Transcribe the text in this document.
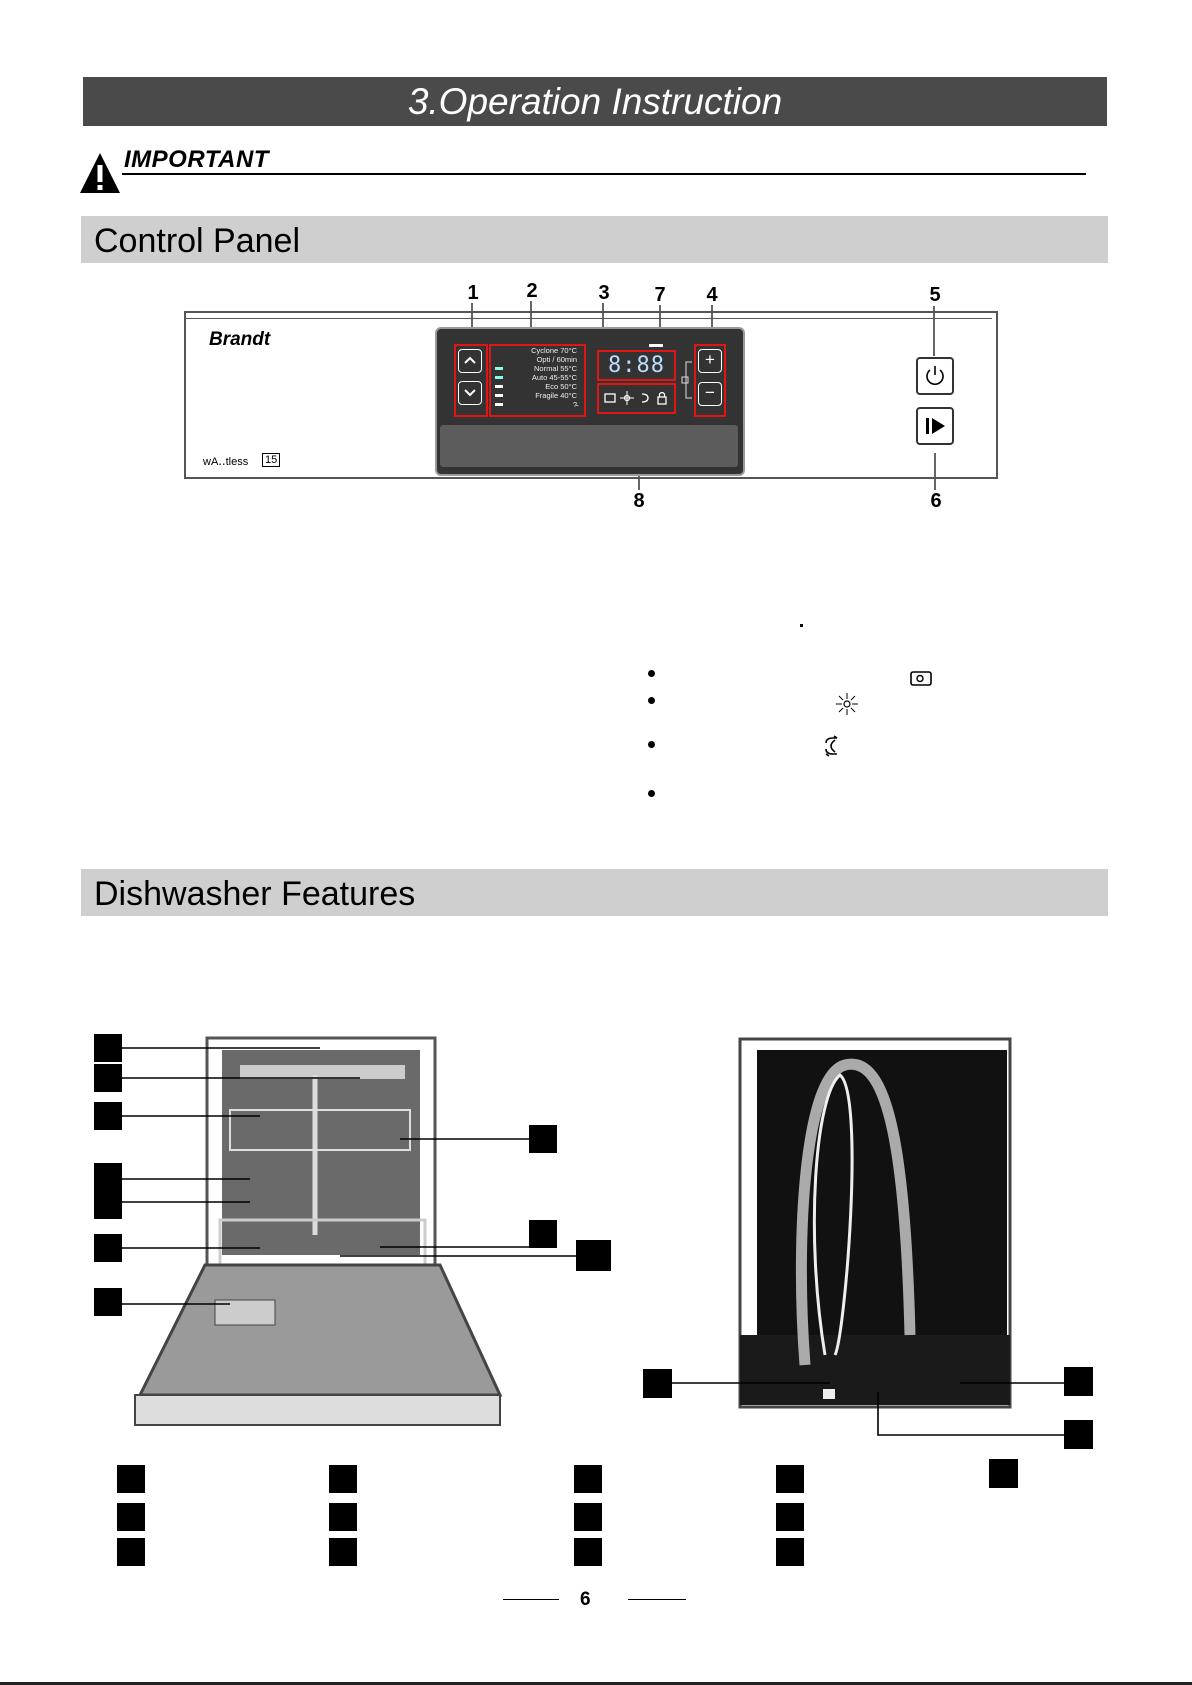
3.Operation Instruction
IMPORTANT
Control Panel
1	2	3	7	4	5
8	6
Brandt
wA‥tless 15
Cyclone 70°C
Opti / 60min
Normal 55°C
Auto 45-55°C
Eco 50°C
Fragile 40°C
?̴
8:88	+
−
Dishwasher Features
6
